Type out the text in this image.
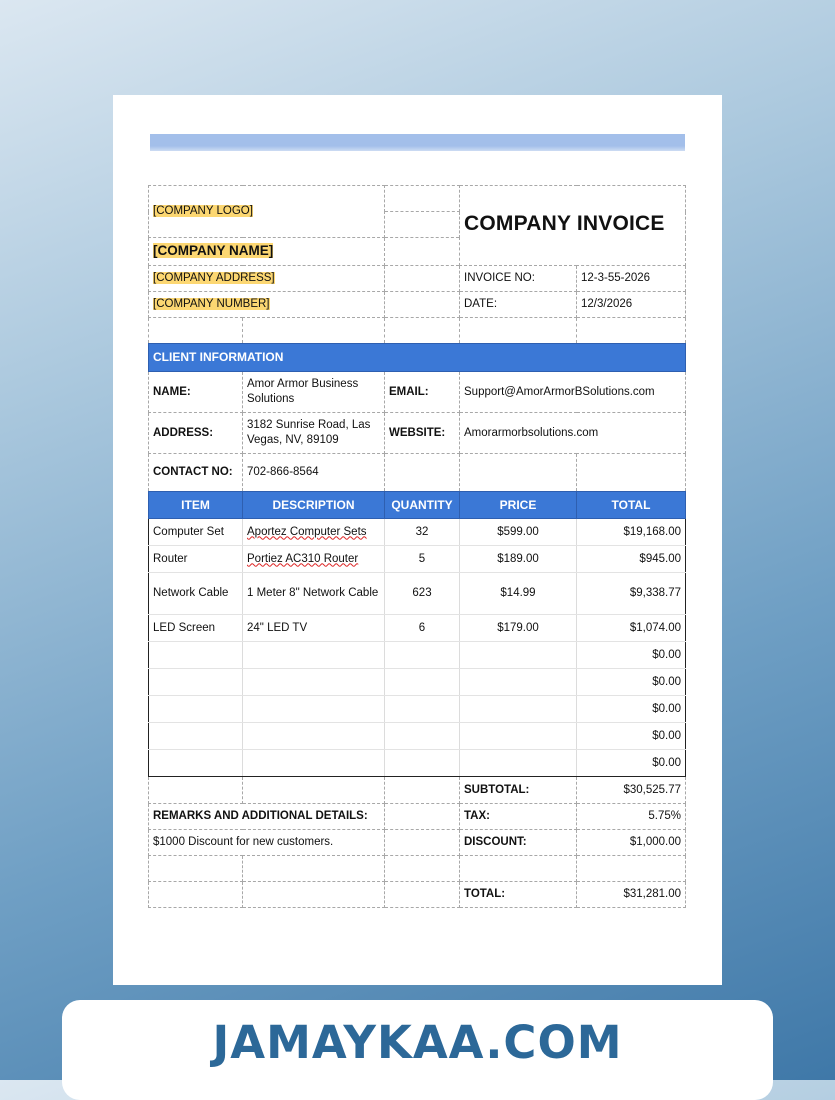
[COMPANY LOGO]			COMPANY INVOICE	

[COMPANY NAME]				
[COMPANY ADDRESS]			INVOICE NO:	12-3-55-2026
[COMPANY NUMBER]			DATE:	12/3/2026

CLIENT INFORMATION				
NAME:	Amor Armor Business Solutions	EMAIL:	Support@AmorArmorBSolutions.com	
ADDRESS:	3182 Sunrise Road, Las Vegas, NV, 89109	WEBSITE:	Amorarmorbsolutions.com	
CONTACT NO:	702-866-8564			
ITEM	DESCRIPTION	QUANTITY	PRICE	TOTAL
Computer Set	Aportez Computer Sets	32	$599.00	$19,168.00
Router	Portiez AC310 Router	5	$189.00	$945.00
Network Cable	1 Meter 8" Network Cable	623	$14.99	$9,338.77
LED Screen	24" LED TV	6	$179.00	$1,074.00
				$0.00
				$0.00
				$0.00
				$0.00
				$0.00
			SUBTOTAL:	$30,525.77
REMARKS AND ADDITIONAL DETAILS:			TAX:	5.75%
$1000 Discount for new customers.			DISCOUNT:	$1,000.00

			TOTAL:	$31,281.00
JAMAYKAA.COM
